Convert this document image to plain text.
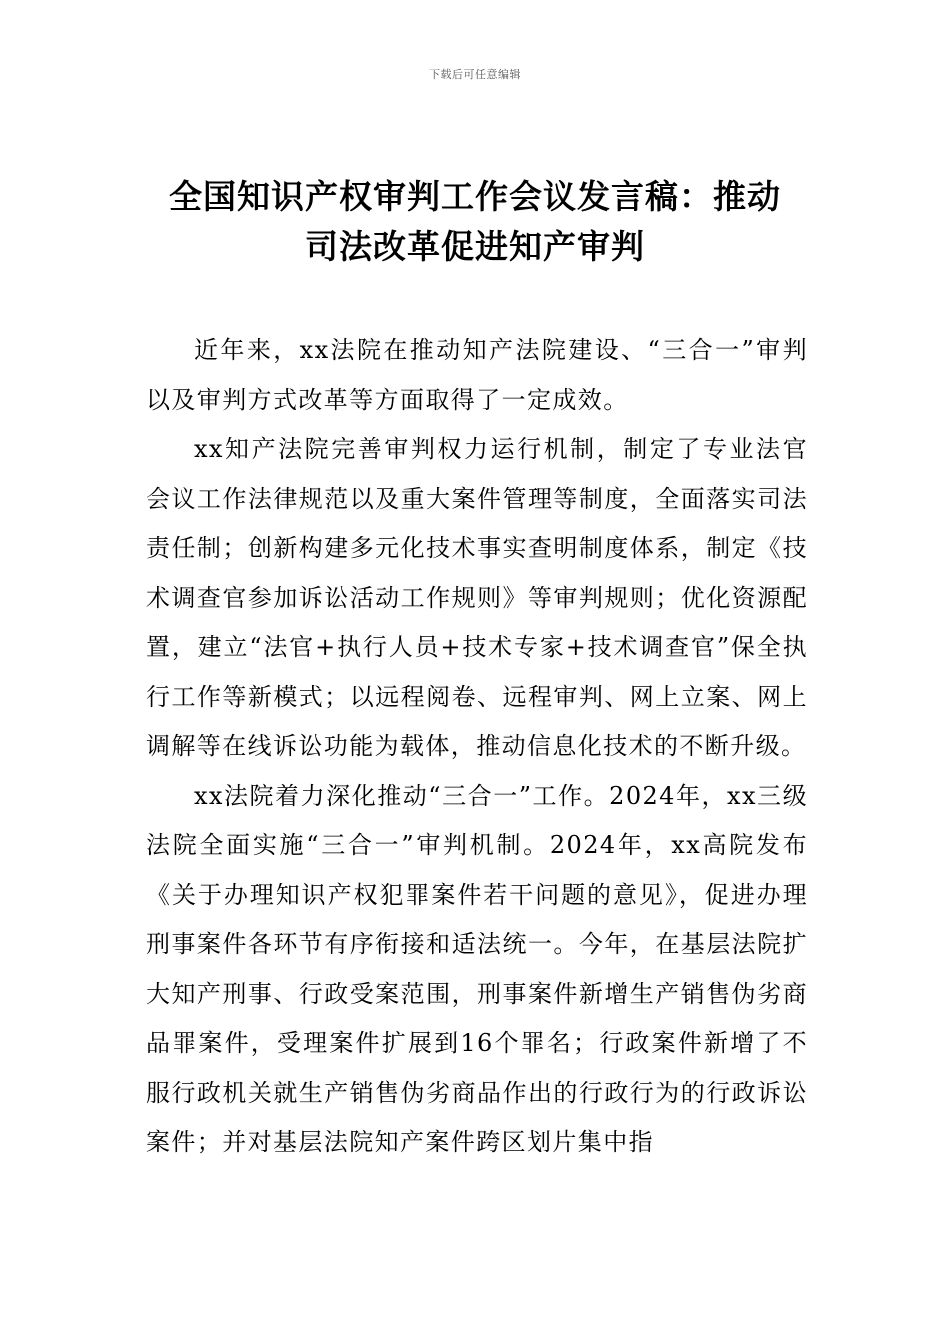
下载后可任意编辑
全国知识产权审判工作会议发言稿：推动
司法改革促进知产审判

近年来，xx法院在推动知产法院建设、“三合一”审判以及审判方式改革等方面取得了一定成效。

xx知产法院完善审判权力运行机制，制定了专业法官会议工作法律规范以及重大案件管理等制度，全面落实司法责任制；创新构建多元化技术事实查明制度体系，制定《技术调查官参加诉讼活动工作规则》等审判规则；优化资源配置，建立“法官+执行人员+技术专家+技术调查官”保全执行工作等新模式；以远程阅卷、远程审判、网上立案、网上调解等在线诉讼功能为载体，推动信息化技术的不断升级。

xx法院着力深化推动“三合一”工作。2024年，xx三级法院全面实施“三合一”审判机制。2024年，xx高院发布《关于办理知识产权犯罪案件若干问题的意见》，促进办理刑事案件各环节有序衔接和适法统一。今年，在基层法院扩大知产刑事、行政受案范围，刑事案件新增生产销售伪劣商品罪案件，受理案件扩展到16个罪名；行政案件新增了不服行政机关就生产销售伪劣商品作出的行政行为的行政诉讼案件；并对基层法院知产案件跨区划片集中指
